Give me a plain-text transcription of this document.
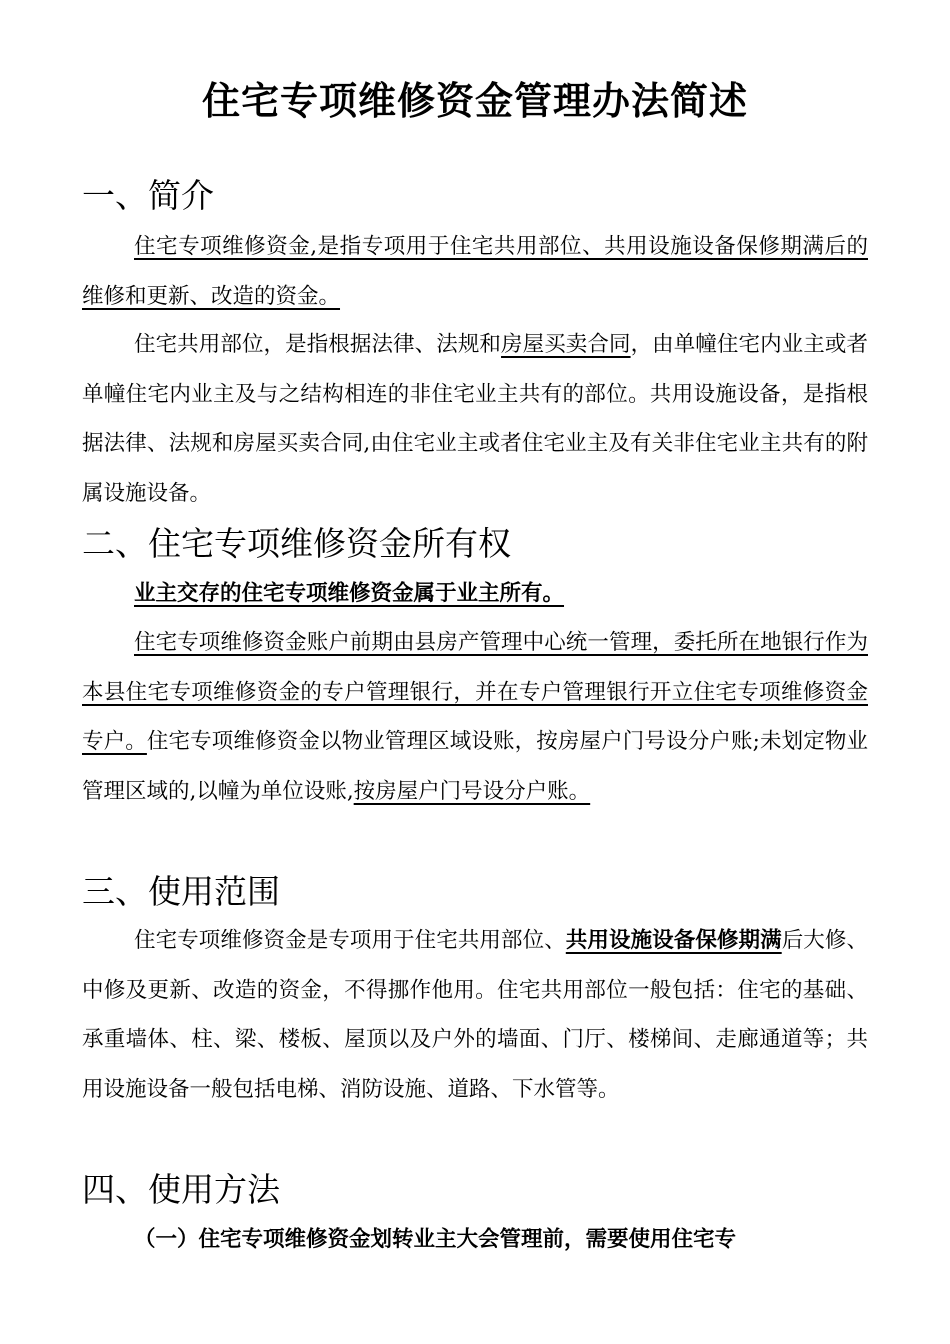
住宅专项维修资金管理办法简述
一、简介
住宅专项维修资金,是指专项用于住宅共用部位、共用设施设备保修期满后的维修和更新、改造的资金。
住宅共用部位，是指根据法律、法规和房屋买卖合同，由单幢住宅内业主或者单幢住宅内业主及与之结构相连的非住宅业主共有的部位。共用设施设备，是指根据法律、法规和房屋买卖合同,由住宅业主或者住宅业主及有关非住宅业主共有的附属设施设备。
二、住宅专项维修资金所有权
业主交存的住宅专项维修资金属于业主所有。
住宅专项维修资金账户前期由县房产管理中心统一管理，委托所在地银行作为本县住宅专项维修资金的专户管理银行，并在专户管理银行开立住宅专项维修资金专户。住宅专项维修资金以物业管理区域设账，按房屋户门号设分户账;未划定物业管理区域的,以幢为单位设账,按房屋户门号设分户账。
三、使用范围
住宅专项维修资金是专项用于住宅共用部位、共用设施设备保修期满后大修、中修及更新、改造的资金，不得挪作他用。住宅共用部位一般包括：住宅的基础、承重墙体、柱、梁、楼板、屋顶以及户外的墙面、门厅、楼梯间、走廊通道等；共用设施设备一般包括电梯、消防设施、道路、下水管等。
四、使用方法
（一）住宅专项维修资金划转业主大会管理前，需要使用住宅专
